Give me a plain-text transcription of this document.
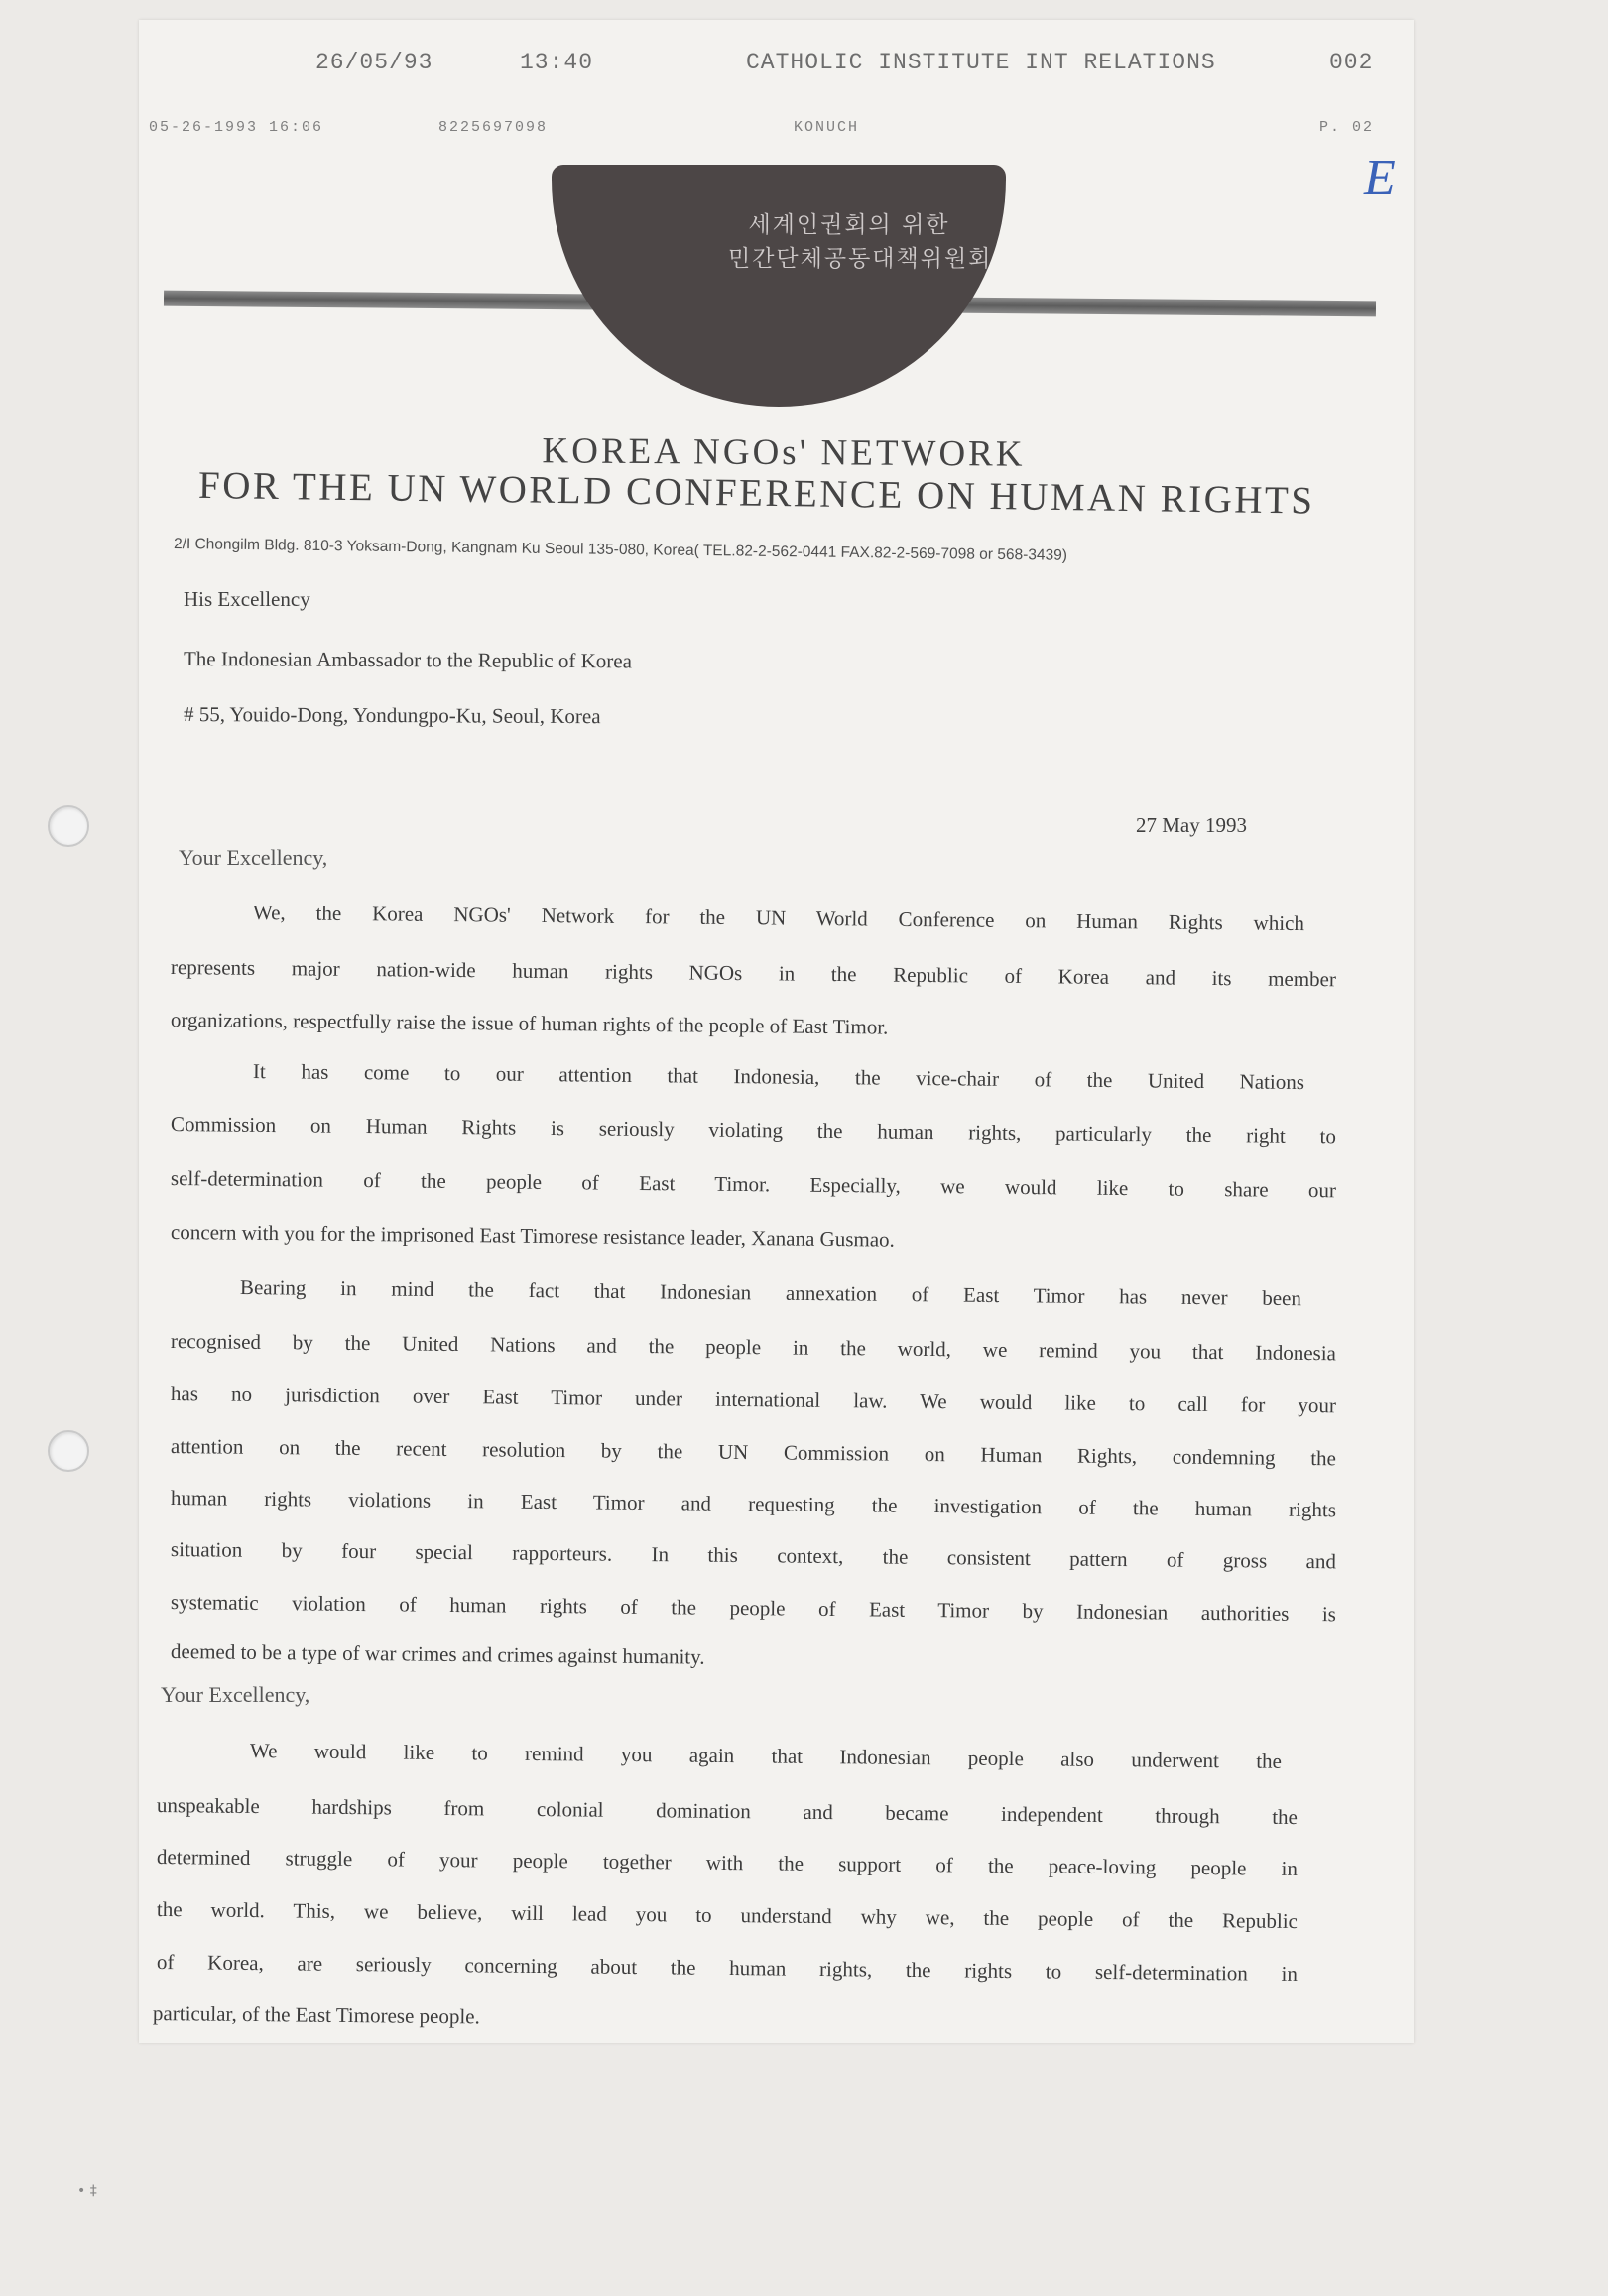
26/05/93	13:40	CATHOLIC INSTITUTE INT RELATIONS	002
05-26-1993 16:06	8225697098	KONUCH	P. 02
E
세계인권회의 위한
민간단체공동대책위원회
KOREA NGOs' NETWORK
FOR THE UN WORLD CONFERENCE ON HUMAN RIGHTS
2/I Chongilm Bldg. 810-3 Yoksam-Dong, Kangnam Ku Seoul 135-080, Korea( TEL.82-2-562-0441 FAX.82-2-569-7098 or 568-3439)
His Excellency
The Indonesian Ambassador to the Republic of Korea
# 55, Youido-Dong, Yondungpo-Ku, Seoul, Korea
27 May 1993
Your Excellency,
We, the Korea NGOs' Network for the UN World Conference on Human Rights which
represents major nation-wide human rights NGOs in the Republic of Korea and its member
organizations, respectfully raise the issue of human rights of the people of East Timor.
It has come to our attention that Indonesia, the vice-chair of the United Nations
Commission on Human Rights is seriously violating the human rights, particularly the right to
self-determination of the people of East Timor. Especially, we would like to share our
concern with you for the imprisoned East Timorese resistance leader, Xanana Gusmao.
Bearing in mind the fact that Indonesian annexation of East Timor has never been
recognised by the United Nations and the people in the world, we remind you that Indonesia
has no jurisdiction over East Timor under international law. We would like to call for your
attention on the recent resolution by the UN Commission on Human Rights, condemning the
human rights violations in East Timor and requesting the investigation of the human rights
situation by four special rapporteurs. In this context, the consistent pattern of gross and
systematic violation of human rights of the people of East Timor by Indonesian authorities is
deemed to be a type of war crimes and crimes against humanity.
Your Excellency,
We would like to remind you again that Indonesian people also underwent the
unspeakable hardships from colonial domination and became independent through the
determined struggle of your people together with the support of the peace-loving people in
the world. This, we believe, will lead you to understand why we, the people of the Republic
of Korea, are seriously concerning about the human rights, the rights to self-determination in
particular, of the East Timorese people.
• ‡
